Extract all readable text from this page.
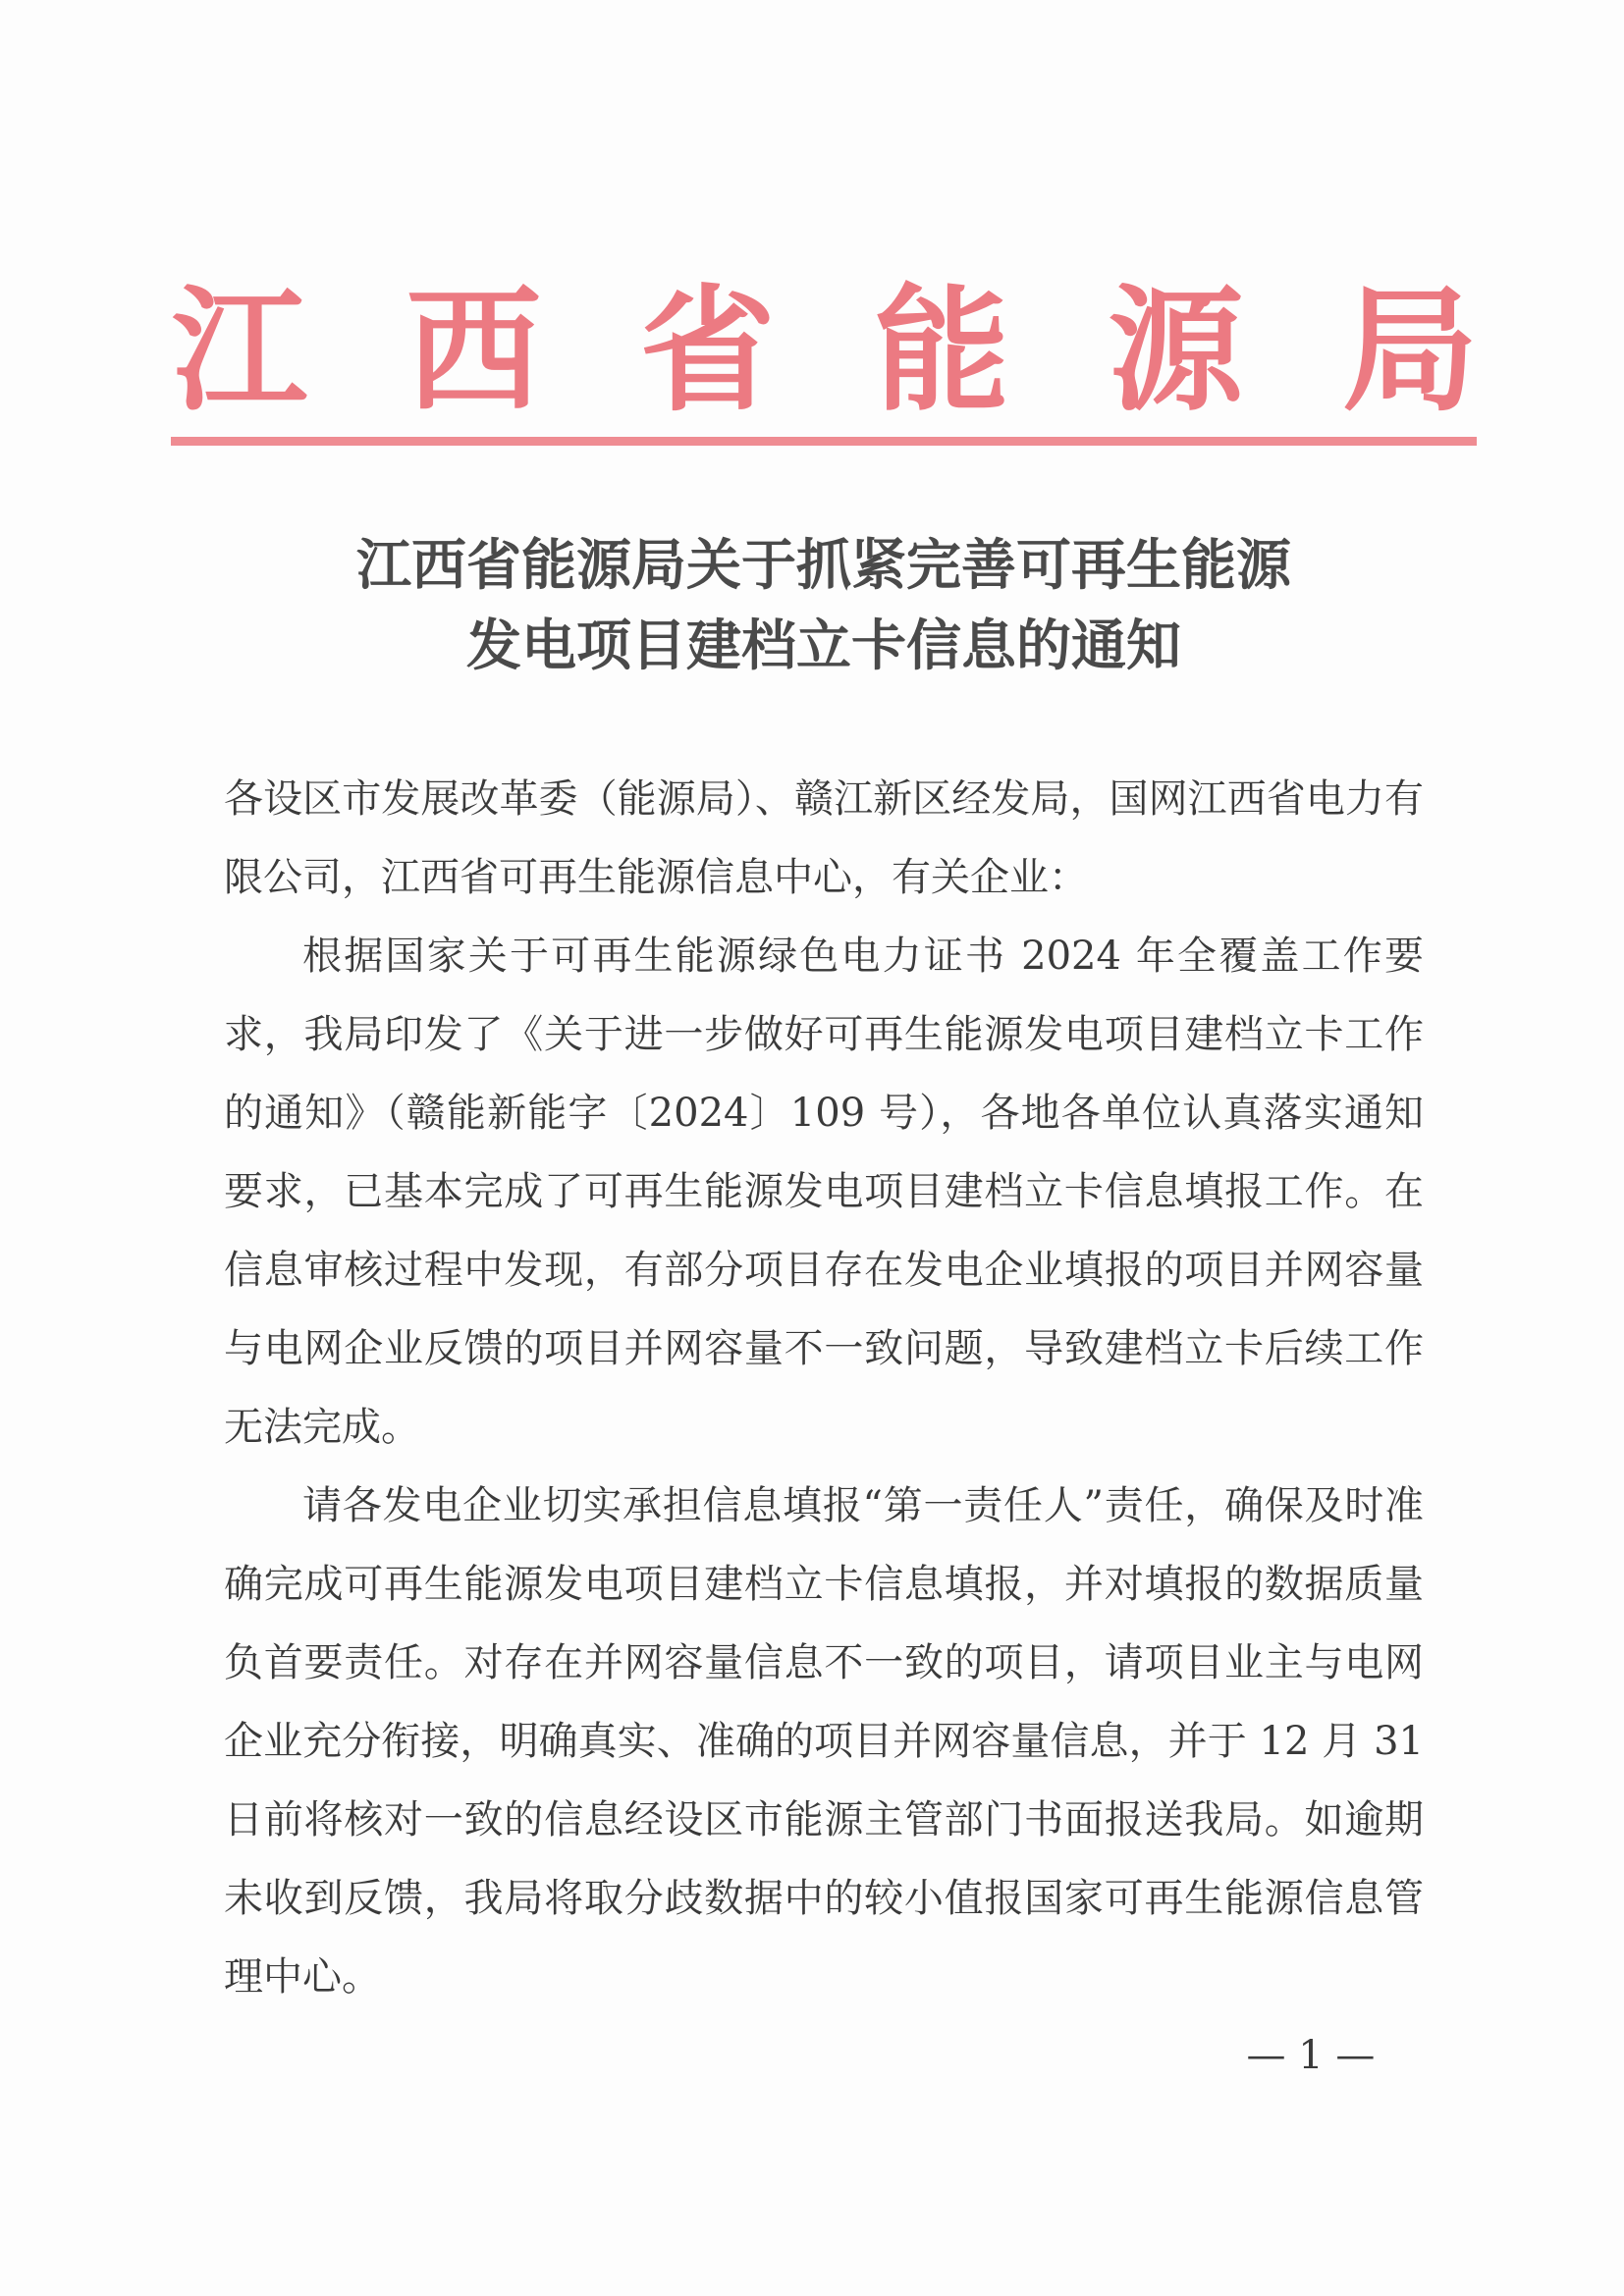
江 西 省 能 源 局
江西省能源局关于抓紧完善可再生能源
发电项目建档立卡信息的通知

各设区市发展改革委（能源局）、赣江新区经发局，国网江西省电力有限公司，江西省可再生能源信息中心，有关企业：

根据国家关于可再生能源绿色电力证书 2024 年全覆盖工作要求，我局印发了《关于进一步做好可再生能源发电项目建档立卡工作的通知》（赣能新能字〔2024〕109 号），各地各单位认真落实通知要求，已基本完成了可再生能源发电项目建档立卡信息填报工作。在信息审核过程中发现，有部分项目存在发电企业填报的项目并网容量与电网企业反馈的项目并网容量不一致问题，导致建档立卡后续工作无法完成。

请各发电企业切实承担信息填报“第一责任人”责任，确保及时准确完成可再生能源发电项目建档立卡信息填报，并对填报的数据质量负首要责任。对存在并网容量信息不一致的项目，请项目业主与电网企业充分衔接，明确真实、准确的项目并网容量信息，并于 12 月 31 日前将核对一致的信息经设区市能源主管部门书面报送我局。如逾期未收到反馈，我局将取分歧数据中的较小值报国家可再生能源信息管理中心。

— 1 —
